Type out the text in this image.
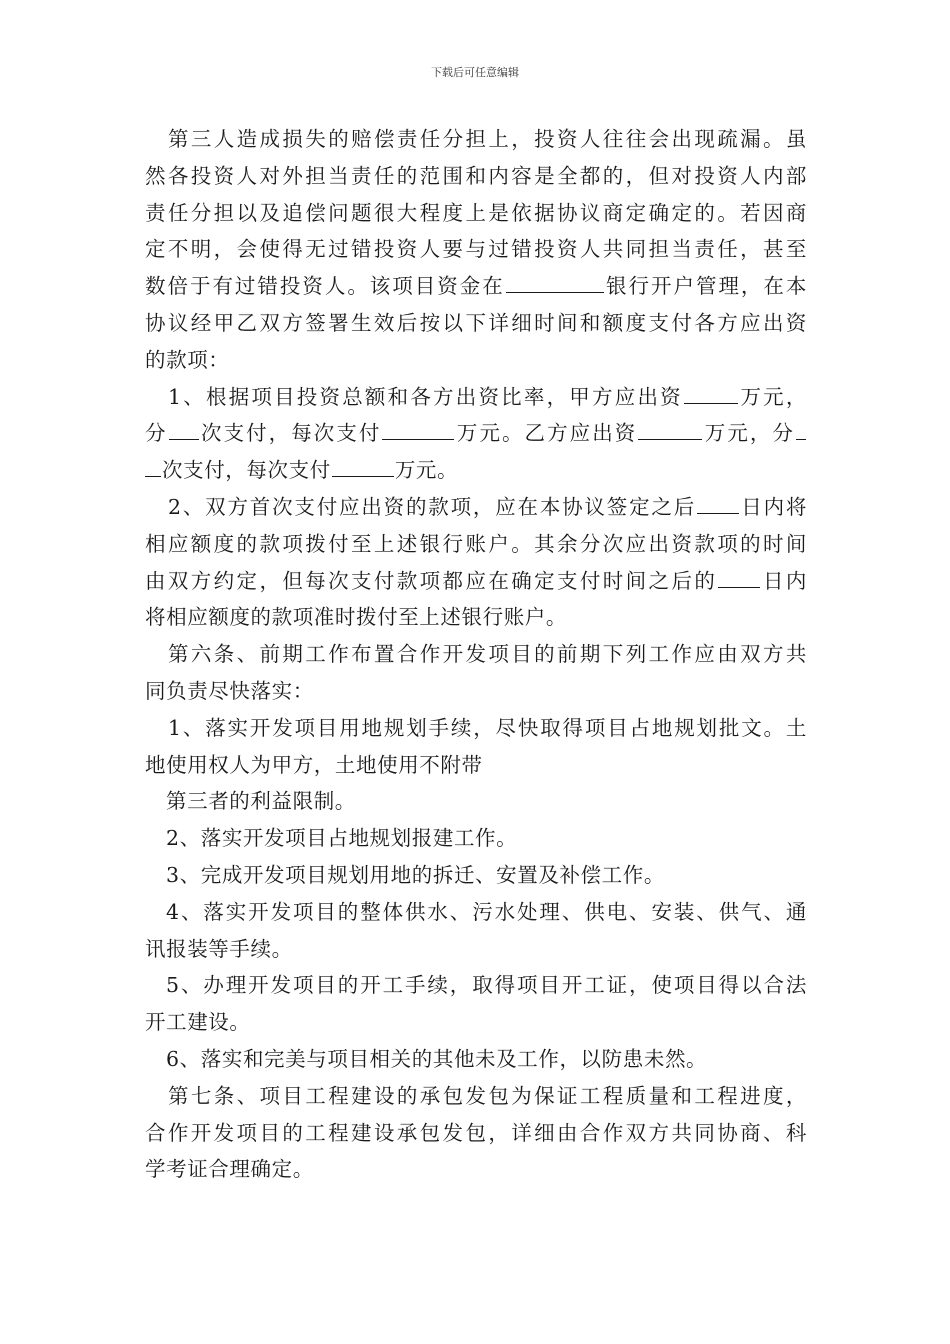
下载后可任意编辑

第三人造成损失的赔偿责任分担上，投资人往往会出现疏漏。虽
然各投资人对外担当责任的范围和内容是全都的，但对投资人内部
责任分担以及追偿问题很大程度上是依据协议商定确定的。若因商
定不明，会使得无过错投资人要与过错投资人共同担当责任，甚至
数倍于有过错投资人。该项目资金在	银行开户管理，在本
协议经甲乙双方签署生效后按以下详细时间和额度支付各方应出资
的款项：

1、根据项目投资总额和各方出资比率，甲方应出资	万元，
分 次支付，每次支付	万元。乙方应出资	万元，分
次支付，每次支付	万元。

2、双方首次支付应出资的款项，应在本协议签定之后 日内将
相应额度的款项拨付至上述银行账户。其余分次应出资款项的时间
由双方约定，但每次支付款项都应在确定支付时间之后的 日内
将相应额度的款项准时拨付至上述银行账户。

第六条、前期工作布置合作开发项目的前期下列工作应由双方共
同负责尽快落实：

1、落实开发项目用地规划手续，尽快取得项目占地规划批文。土
地使用权人为甲方，土地使用不附带

第三者的利益限制。

2、落实开发项目占地规划报建工作。

3、完成开发项目规划用地的拆迁、安置及补偿工作。

4、落实开发项目的整体供水、污水处理、供电、安装、供气、通
讯报装等手续。

5、办理开发项目的开工手续，取得项目开工证，使项目得以合法
开工建设。

6、落实和完美与项目相关的其他未及工作，以防患未然。

第七条、项目工程建设的承包发包为保证工程质量和工程进度，
合作开发项目的工程建设承包发包，详细由合作双方共同协商、科
学考证合理确定。
